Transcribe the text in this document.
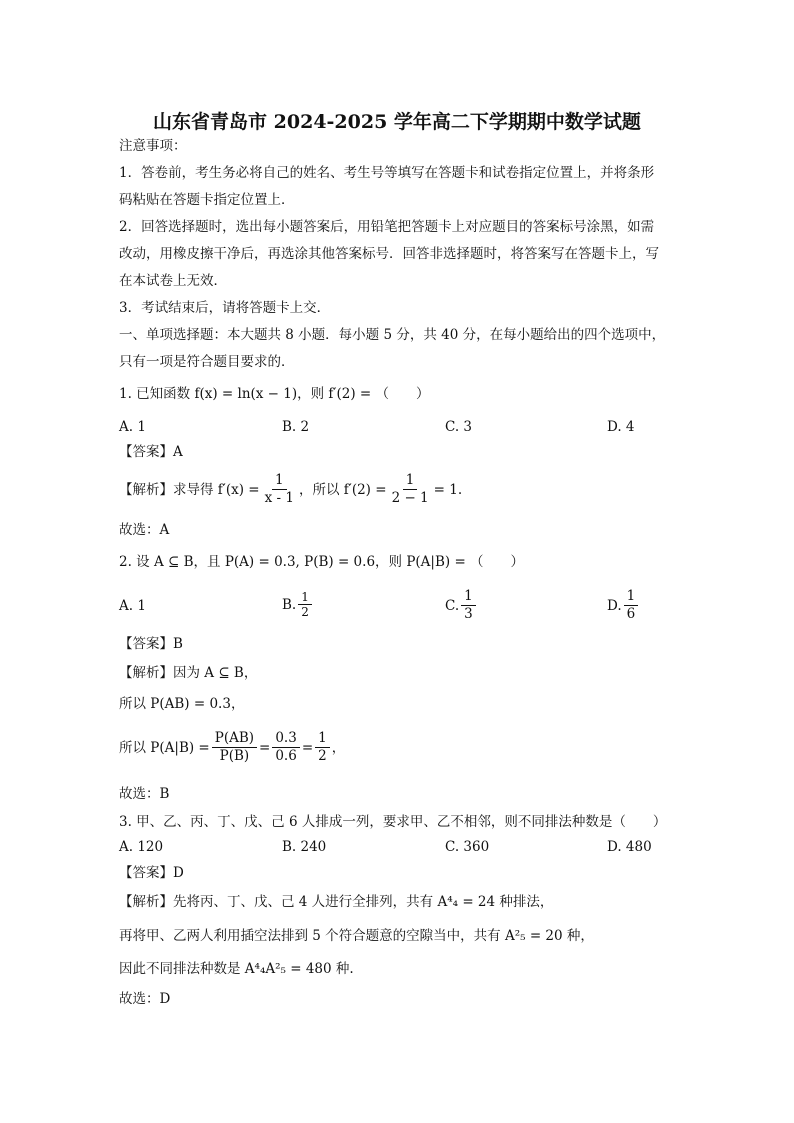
山东省青岛市 2024-2025 学年高二下学期期中数学试题
注意事项：
1．答卷前，考生务必将自己的姓名、考生号等填写在答题卡和试卷指定位置上，并将条形
码粘贴在答题卡指定位置上．
2．回答选择题时，选出每小题答案后，用铅笔把答题卡上对应题目的答案标号涂黑，如需
改动，用橡皮擦干净后，再选涂其他答案标号．回答非选择题时，将答案写在答题卡上，写
在本试卷上无效．
3．考试结束后，请将答题卡上交．
一、单项选择题：本大题共 8 小题．每小题 5 分，共 40 分，在每小题给出的四个选项中，
只有一项是符合题目要求的．
1. 已知函数 f(x) = ln(x − 1)，则 f′(2) = （　　）
A. 1	B. 2	C. 3	D. 4
【答案】A
【解析】求导得 $f'(x) = \frac{1}{x - 1}$ ，所以 $f'(2) = \frac{1}{2 - 1} = 1$.
故选：A
2. 设 A ⊆ B，且 P(A) = 0.3, P(B) = 0.6，则 P(A|B) = （　　）
A. 1	B. $\frac{1}{2}$	C. $\frac{1}{3}$	D. $\frac{1}{6}$
【答案】B
【解析】因为 A ⊆ B，
所以 P(AB) = 0.3，
所以 $P(A|B) = \frac{P(AB)}{P(B)} = \frac{0.3}{0.6} = \frac{1}{2}$ ，
故选：B
3. 甲、乙、丙、丁、戊、己 6 人排成一列，要求甲、乙不相邻，则不同排法种数是（　　）
A. 120	B. 240	C. 360	D. 480
【答案】D
【解析】先将丙、丁、戊、己 4 人进行全排列，共有 A⁴₄ = 24 种排法，
再将甲、乙两人利用插空法排到 5 个符合题意的空隙当中，共有 A²₅ = 20 种，
因此不同排法种数是 A⁴₄A²₅ = 480 种.
故选：D
